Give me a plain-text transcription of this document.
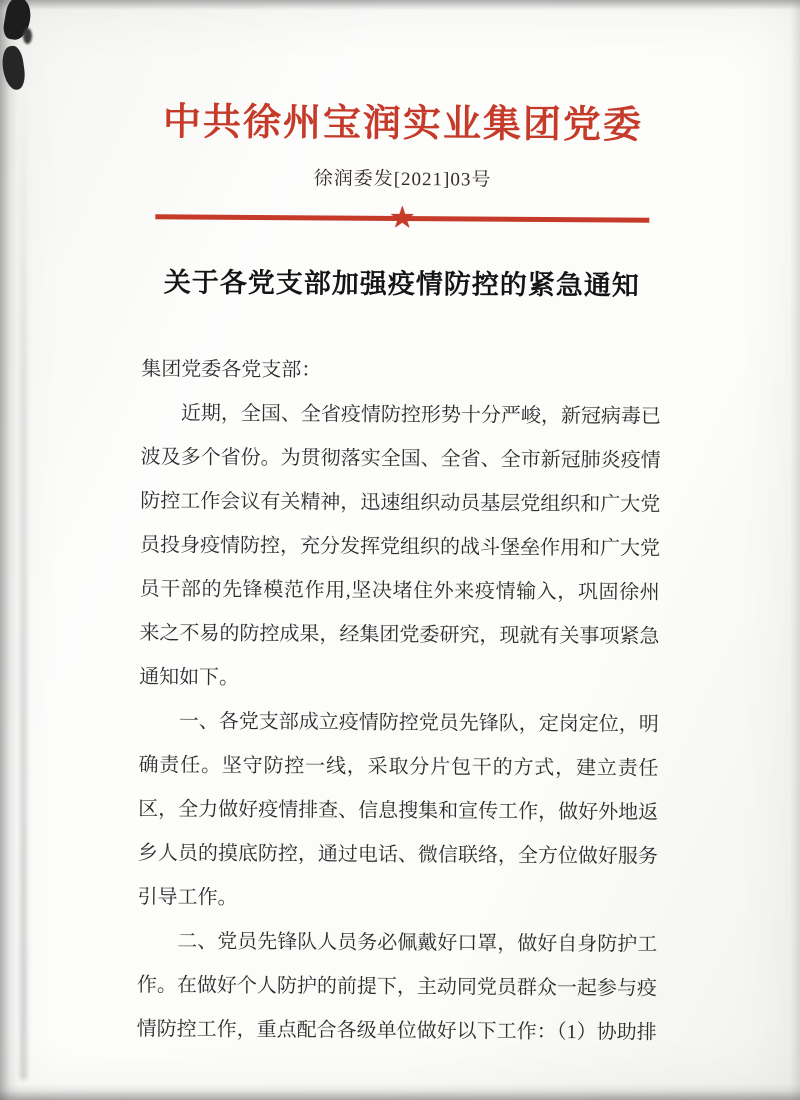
中共徐州宝润实业集团党委
徐润委发[2021]03号
★
关于各党支部加强疫情防控的紧急通知

集团党委各党支部：

近期，全国、全省疫情防控形势十分严峻，新冠病毒已波及多个省份。为贯彻落实全国、全省、全市新冠肺炎疫情防控工作会议有关精神，迅速组织动员基层党组织和广大党员投身疫情防控，充分发挥党组织的战斗堡垒作用和广大党员干部的先锋模范作用,坚决堵住外来疫情输入，巩固徐州来之不易的防控成果，经集团党委研究，现就有关事项紧急通知如下。

一、各党支部成立疫情防控党员先锋队，定岗定位，明确责任。坚守防控一线，采取分片包干的方式，建立责任区，全力做好疫情排查、信息搜集和宣传工作，做好外地返乡人员的摸底防控，通过电话、微信联络，全方位做好服务引导工作。

二、党员先锋队人员务必佩戴好口罩，做好自身防护工作。在做好个人防护的前提下，主动同党员群众一起参与疫情防控工作，重点配合各级单位做好以下工作：（1）协助排
